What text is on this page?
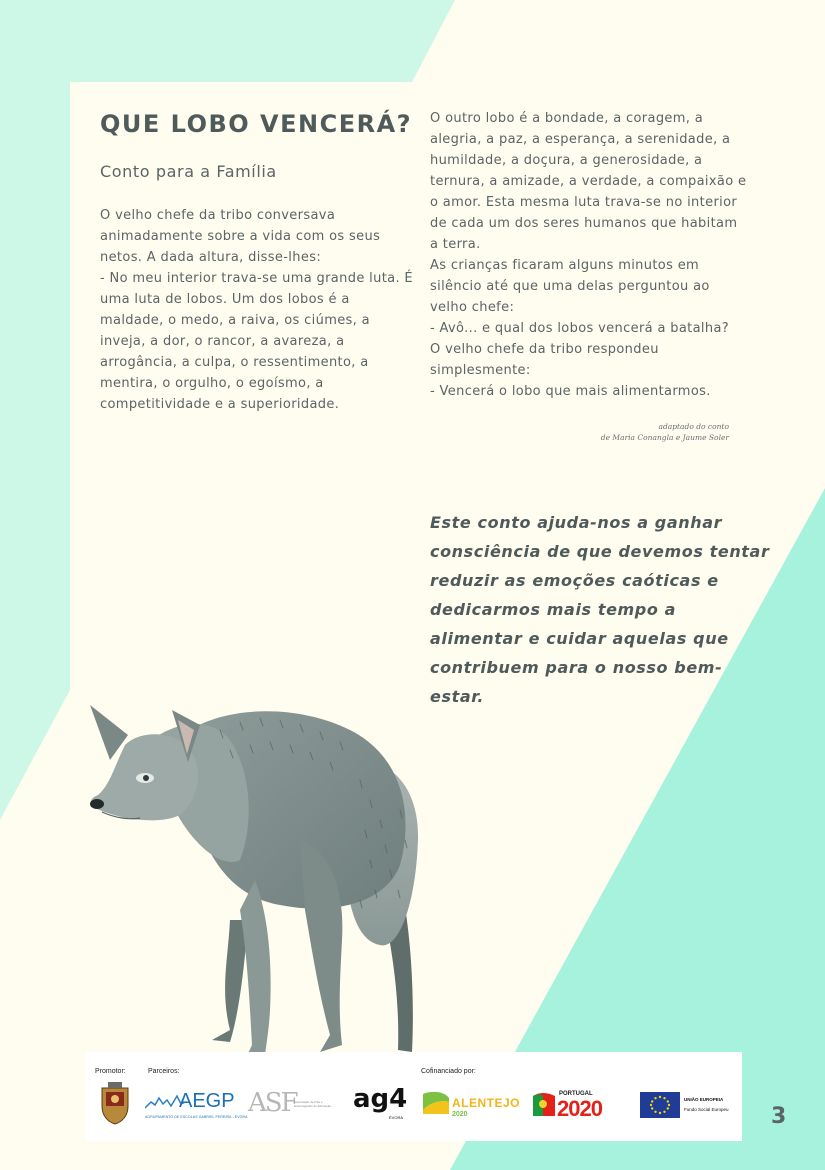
QUE LOBO VENCERÁ?
Conto para a Família
O velho chefe da tribo conversava animadamente sobre a vida com os seus netos. A dada altura, disse-lhes:
- No meu interior trava-se uma grande luta. É uma luta de lobos. Um dos lobos é a maldade, o medo, a raiva, os ciúmes, a inveja, a dor, o rancor, a avareza, a arrogância, a culpa, o ressentimento, a mentira, o orgulho, o egoísmo, a competitividade e a superioridade.
O outro lobo é a bondade, a coragem, a alegria, a paz, a esperança, a serenidade, a humildade, a doçura, a generosidade, a ternura, a amizade, a verdade, a compaixão e o amor. Esta mesma luta trava-se no interior de cada um dos seres humanos que habitam a terra.
As crianças ficaram alguns minutos em silêncio até que uma delas perguntou ao velho chefe:
- Avô... e qual dos lobos vencerá a batalha?
O velho chefe da tribo respondeu simplesmente:
- Vencerá o lobo que mais alimentarmos.
adaptado do conto
de Maria Conangla e Jaume Soler
Este conto ajuda-nos a ganhar consciência de que devemos tentar reduzir as emoções caóticas e dedicarmos mais tempo a alimentar e cuidar aquelas que contribuem para o nosso bem-estar.
Promotor:	Parceiros:	Cofinanciado por:
AEGP
AGRUPAMENTO DE ESCOLAS GABRIEL PEREIRA - ÉVORA ASF
Associação de Pais e Encarregados de Educação ag4
ÉVORA
ALENTEJO
2020
PORTUGAL
2020	UNIÃO EUROPEIA
Fundo Social Europeu 3
